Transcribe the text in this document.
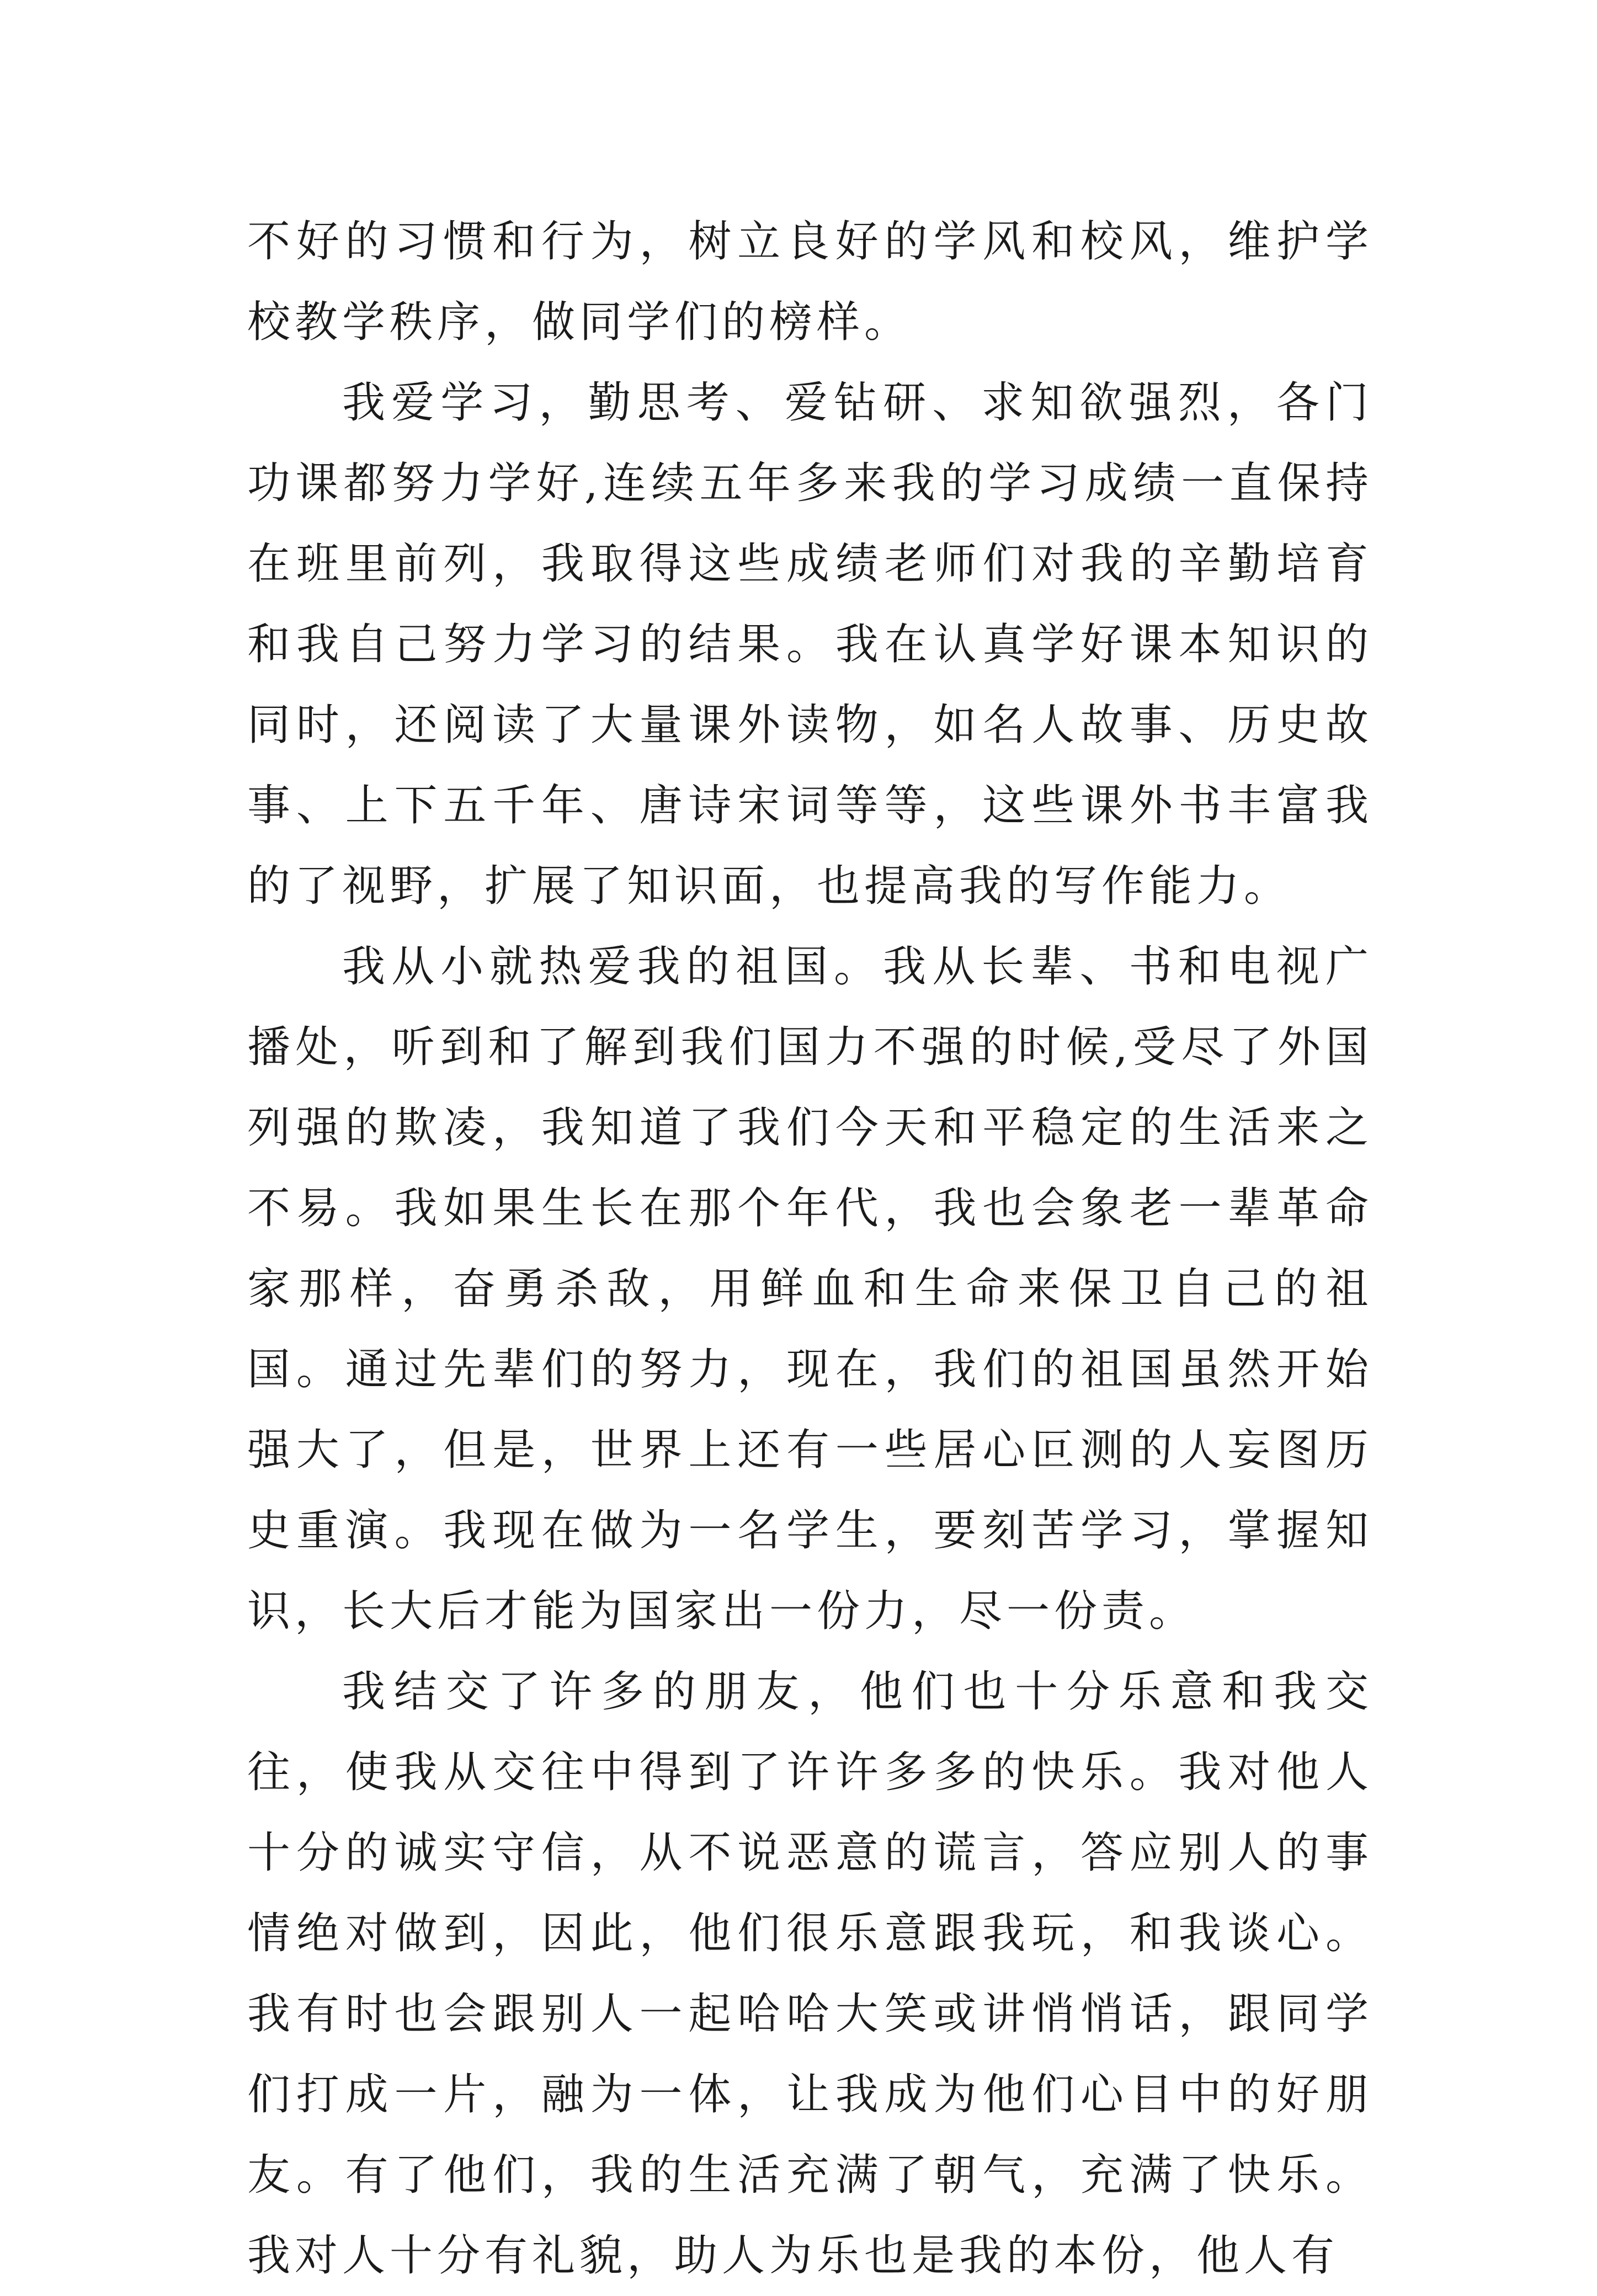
不好的习惯和行为，树立良好的学风和校风，维护学校教学秩序，做同学们的榜样。

我爱学习，勤思考、爱钻研、求知欲强烈，各门功课都努力学好,连续五年多来我的学习成绩一直保持在班里前列，我取得这些成绩老师们对我的辛勤培育和我自己努力学习的结果。我在认真学好课本知识的同时，还阅读了大量课外读物，如名人故事、历史故事、上下五千年、唐诗宋词等等，这些课外书丰富我的了视野，扩展了知识面，也提高我的写作能力。

我从小就热爱我的祖国。我从长辈、书和电视广播处，听到和了解到我们国力不强的时候,受尽了外国列强的欺凌，我知道了我们今天和平稳定的生活来之不易。我如果生长在那个年代，我也会象老一辈革命家那样，奋勇杀敌，用鲜血和生命来保卫自己的祖国。通过先辈们的努力，现在，我们的祖国虽然开始强大了，但是，世界上还有一些居心叵测的人妄图历史重演。我现在做为一名学生，要刻苦学习，掌握知识，长大后才能为国家出一份力，尽一份责。

我结交了许多的朋友，他们也十分乐意和我交往，使我从交往中得到了许许多多的快乐。我对他人十分的诚实守信，从不说恶意的谎言，答应别人的事情绝对做到，因此，他们很乐意跟我玩，和我谈心。我有时也会跟别人一起哈哈大笑或讲悄悄话，跟同学们打成一片，融为一体，让我成为他们心目中的好朋友。有了他们，我的生活充满了朝气，充满了快乐。我对人十分有礼貌，助人为乐也是我的本份，他人有
